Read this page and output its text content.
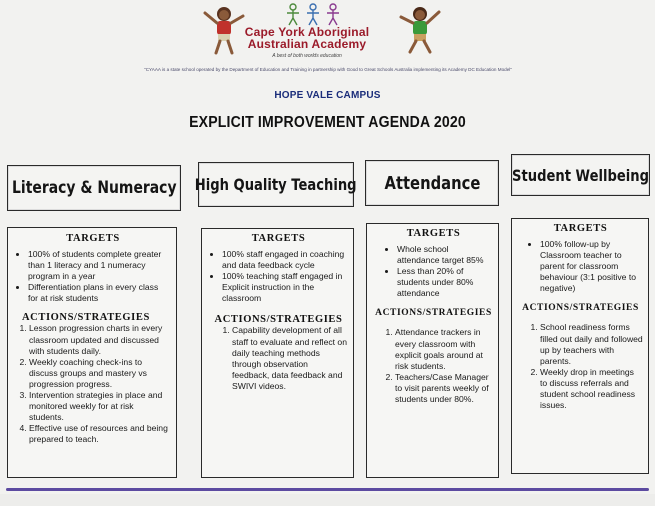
Cape York Aboriginal
Australian Academy
A best of both worlds education
"CYAAA is a state school operated by the Department of Education and Training in partnership with Good to Great Schools Australia implementing its Academy DC Education Model"
HOPE VALE CAMPUS
EXPLICIT IMPROVEMENT AGENDA 2020
Literacy & Numeracy High Quality Teaching Attendance Student Wellbeing

TARGETS

• 100% of students complete greater than 1 literacy and 1 numeracy program in a year
• Differentiation plans in every class for at risk students

ACTIONS/STRATEGIES

1. Lesson progression charts in every classroom updated and discussed with students daily.
2. Weekly coaching check-ins to discuss groups and mastery vs progression progress.
3. Intervention strategies in place and monitored weekly for at risk students.
4. Effective use of resources and being prepared to teach.

TARGETS

• 100% staff engaged in coaching and data feedback cycle
• 100% teaching staff engaged in Explicit instruction in the classroom

ACTIONS/STRATEGIES

1. Capability development of all staff to evaluate and reflect on daily teaching methods through observation feedback, data feedback and SWIVI videos.

TARGETS

• Whole school attendance target 85%
• Less than 20% of students under 80% attendance

ACTIONS/STRATEGIES

1. Attendance trackers in every classroom with explicit goals around at risk students.
2. Teachers/Case Manager to visit parents weekly of students under 80%.

TARGETS

• 100% follow-up by Classroom teacher to parent for classroom behaviour (3:1 positive to negative)

ACTIONS/STRATEGIES

1. School readiness forms filled out daily and followed up by teachers with parents.
2. Weekly drop in meetings to discuss referrals and student school readiness issues.
